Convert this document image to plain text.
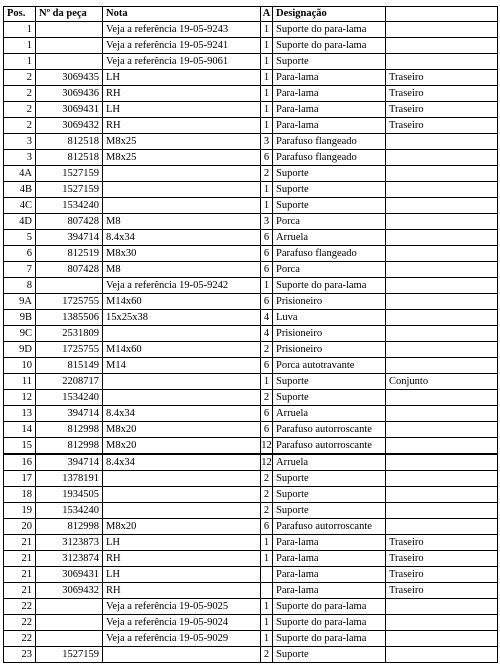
Pos.	Nº da peça	Nota	A	Designação	
1		Veja a referência 19-05-9243	1	Suporte do para-lama	
1		Veja a referência 19-05-9241	1	Suporte do para-lama	
1		Veja a referência 19-05-9061	1	Suporte	
2	3069435	LH	1	Para-lama	Traseiro
2	3069436	RH	1	Para-lama	Traseiro
2	3069431	LH	1	Para-lama	Traseiro
2	3069432	RH	1	Para-lama	Traseiro
3	812518	M8x25	3	Parafuso flangeado	
3	812518	M8x25	6	Parafuso flangeado	
4A	1527159		2	Suporte	
4B	1527159		1	Suporte	
4C	1534240		1	Suporte	
4D	807428	M8	3	Porca	
5	394714	8.4x34	6	Arruela	
6	812519	M8x30	6	Parafuso flangeado	
7	807428	M8	6	Porca	
8		Veja a referência 19-05-9242	1	Suporte do para-lama	
9A	1725755	M14x60	6	Prisioneiro	
9B	1385506	15x25x38	4	Luva	
9C	2531809		4	Prisioneiro	
9D	1725755	M14x60	2	Prisioneiro	
10	815149	M14	6	Porca autotravante	
11	2208717		1	Suporte	Conjunto
12	1534240		2	Suporte	
13	394714	8.4x34	6	Arruela	
14	812998	M8x20	6	Parafuso autorroscante	
15	812998	M8x20	12	Parafuso autorroscante	
16	394714	8.4x34	12	Arruela	
17	1378191		2	Suporte	
18	1934505		2	Suporte	
19	1534240		2	Suporte	
20	812998	M8x20	6	Parafuso autorroscante	
21	3123873	LH	1	Para-lama	Traseiro
21	3123874	RH	1	Para-lama	Traseiro
21	3069431	LH		Para-lama	Traseiro
21	3069432	RH		Para-lama	Traseiro
22		Veja a referência 19-05-9025	1	Suporte do para-lama	
22		Veja a referência 19-05-9024	1	Suporte do para-lama	
22		Veja a referência 19-05-9029	1	Suporte do para-lama	
23	1527159		2	Suporte	
